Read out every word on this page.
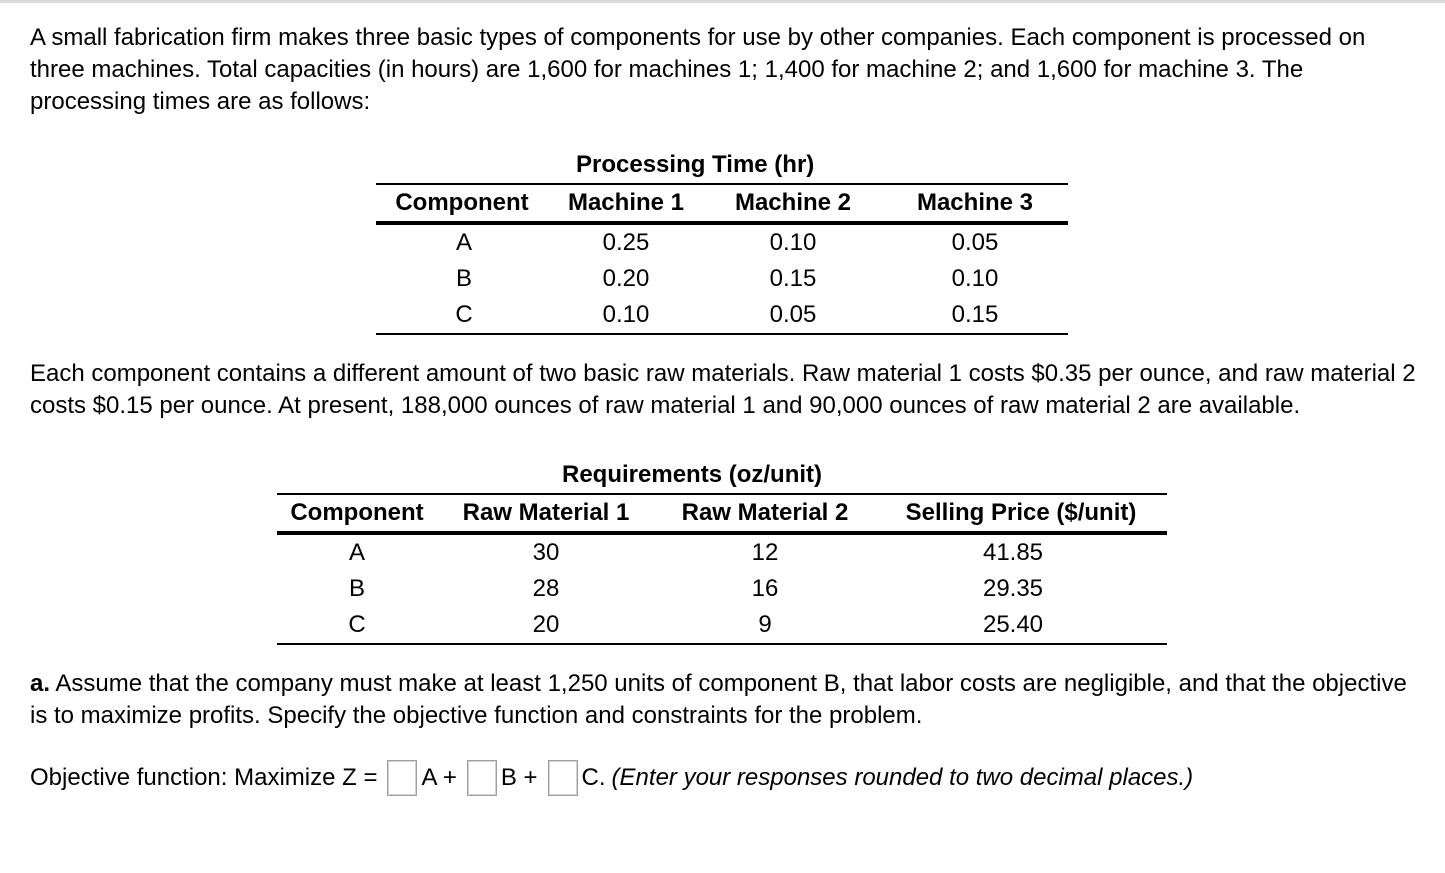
A small fabrication firm makes three basic types of components for use by other companies. Each component is processed on three machines. Total capacities (in hours) are 1,600 for machines 1; 1,400 for machine 2; and 1,600 for machine 3. The processing times are as follows:

	Processing Time (hr)		
Component	Machine 1	Machine 2	Machine 3
A	0.25	0.10	0.05
B	0.20	0.15	0.10
C	0.10	0.05	0.15

Each component contains a different amount of two basic raw materials. Raw material 1 costs $0.35 per ounce, and raw material 2 costs $0.15 per ounce. At present, 188,000 ounces of raw material 1 and 90,000 ounces of raw material 2 are available.

	Requirements (oz/unit)		
Component	Raw Material 1	Raw Material 2	Selling Price ($/unit)
A	30	12	41.85
B	28	16	29.35
C	20	9	25.40

a. Assume that the company must make at least 1,250 units of component B, that labor costs are negligible, and that the objective is to maximize profits. Specify the objective function and constraints for the problem.

Objective function: Maximize Z = A + B + C. (Enter your responses rounded to two decimal places.)
